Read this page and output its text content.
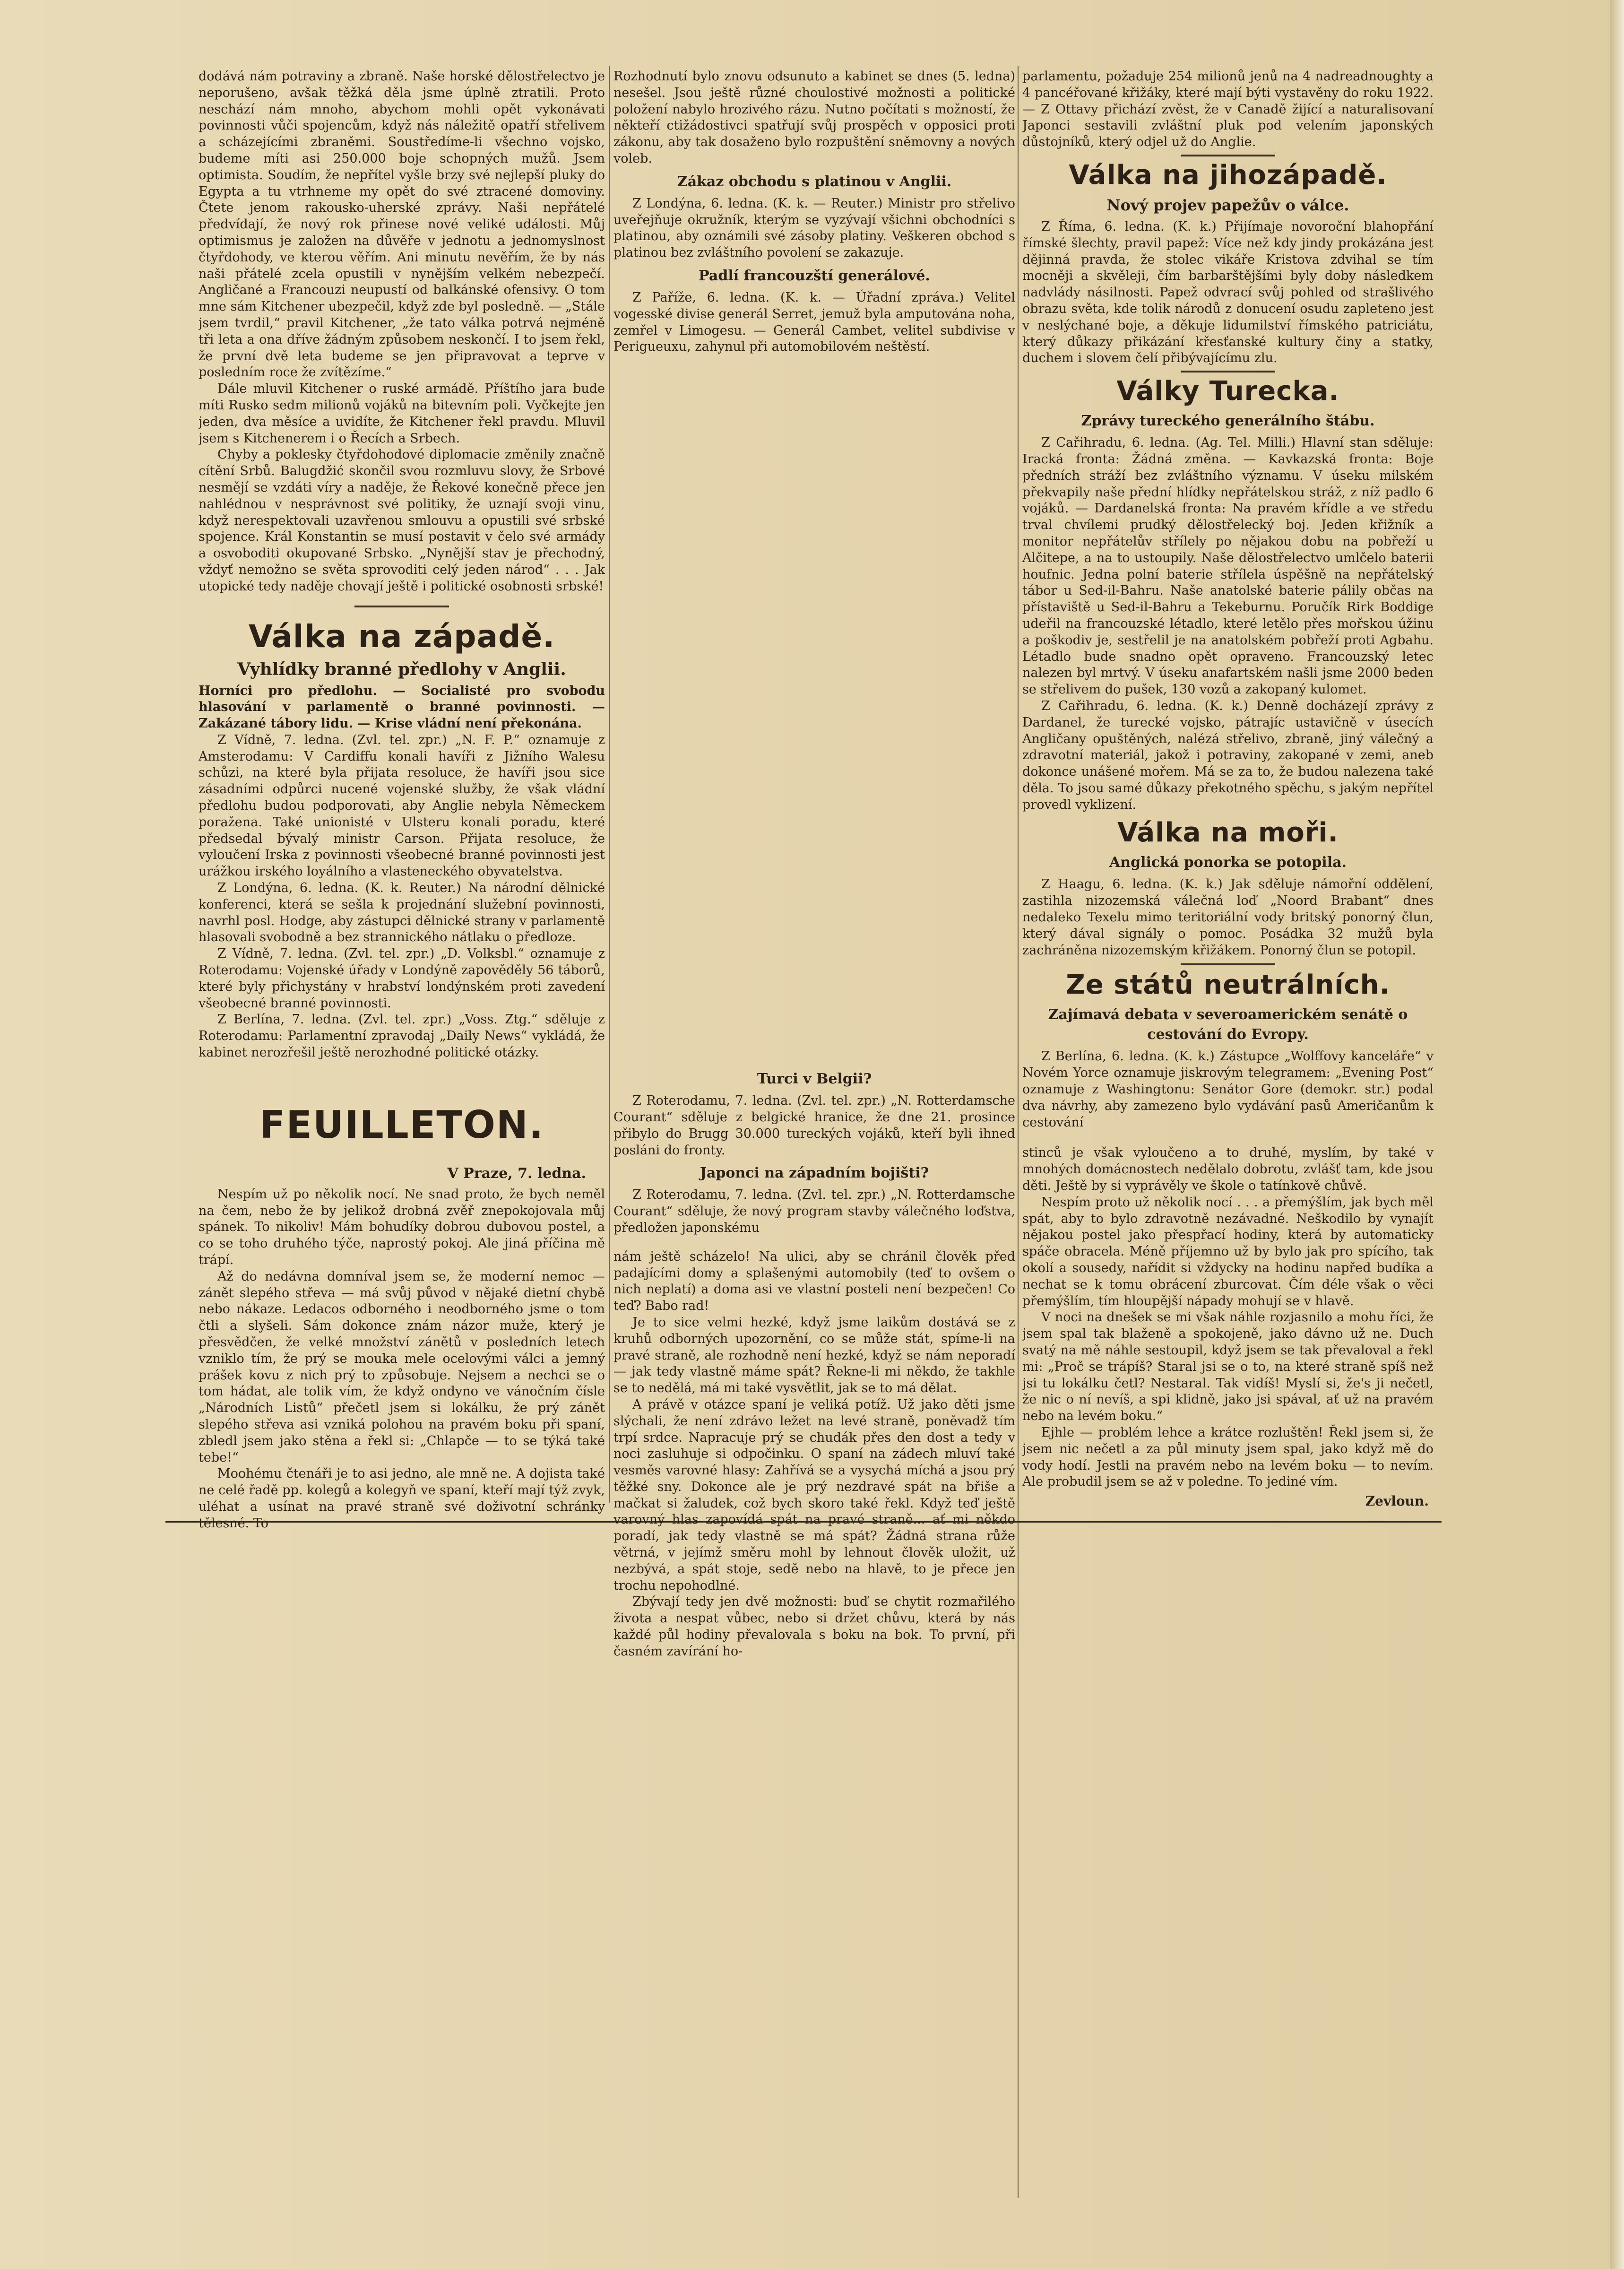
dodává nám potraviny a zbraně. Naše horské dělostřelectvo je neporušeno, avšak těžká děla jsme úplně ztratili. Proto neschází nám mnoho, abychom mohli opět vykonávati povinnosti vůči spojencům, když nás náležitě opatří střelivem a scházejícími zbraněmi. Soustředíme-li všechno vojsko, budeme míti asi 250.000 boje schopných mužů. Jsem optimista. Soudím, že nepřítel vyšle brzy své nejlepší pluky do Egypta a tu vtrhneme my opět do své ztracené domoviny. Čtete jenom rakousko-uherské zprávy. Naši nepřátelé předvídají, že nový rok přinese nové veliké události. Můj optimismus je založen na důvěře v jednotu a jednomyslnost čtyřdohody, ve kterou věřím. Ani minutu nevěřím, že by nás naši přátelé zcela opustili v nynějším velkém nebezpečí. Angličané a Francouzi neupustí od balkánské ofensivy. O tom mne sám Kitchener ubezpečil, když zde byl posledně. — „Stále jsem tvrdil,“ pravil Kitchener, „že tato válka potrvá nejméně tři leta a ona dříve žádným způsobem neskončí. I to jsem řekl, že první dvě leta budeme se jen připravovat a teprve v posledním roce že zvítězíme.“

Dále mluvil Kitchener o ruské armádě. Příštího jara bude míti Rusko sedm milionů vojáků na bitevním poli. Vyčkejte jen jeden, dva měsíce a uvidíte, že Kitchener řekl pravdu. Mluvil jsem s Kitchenerem i o Řecích a Srbech.

Chyby a poklesky čtyřdohodové diplomacie změnily značně cítění Srbů. Balugdžić skončil svou rozmluvu slovy, že Srbové nesmějí se vzdáti víry a naděje, že Řekové konečně přece jen nahlédnou v nesprávnost své politiky, že uznají svoji vinu, když nerespektovali uzavřenou smlouvu a opustili své srbské spojence. Král Konstantin se musí postavit v čelo své armády a osvoboditi okupované Srbsko. „Nynější stav je přechodný, vždyť nemožno se světa sprovoditi celý jeden národ“ . . . Jak utopické tedy naděje chovají ještě i politické osobnosti srbské!

Válka na západě.
Vyhlídky branné předlohy v Anglii.

Horníci pro předlohu. — Socialisté pro svobodu hlasování v parlamentě o branné povinnosti. — Zakázané tábory lidu. — Krise vládní není překonána.

Z Vídně, 7. ledna. (Zvl. tel. zpr.) „N. F. P.“ oznamuje z Amsterodamu: V Cardiffu konali havíři z Jižního Walesu schůzi, na které byla přijata resoluce, že havíři jsou sice zásadními odpůrci nucené vojenské služby, že však vládní předlohu budou podporovati, aby Anglie nebyla Německem poražena. Také unionisté v Ulsteru konali poradu, které předsedal bývalý ministr Carson. Přijata resoluce, že vyloučení Irska z povinnosti všeobecné branné povinnosti jest urážkou irského loyálního a vlasteneckého obyvatelstva.

Z Londýna, 6. ledna. (K. k. Reuter.) Na národní dělnické konferenci, která se sešla k projednání služební povinnosti, navrhl posl. Hodge, aby zástupci dělnické strany v parlamentě hlasovali svobodně a bez strannického nátlaku o předloze.

Z Vídně, 7. ledna. (Zvl. tel. zpr.) „D. Volksbl.“ oznamuje z Roterodamu: Vojenské úřady v Londýně zapověděly 56 táborů, které byly přichystány v hrabství londýnském proti zavedení všeobecné branné povinnosti.

Z Berlína, 7. ledna. (Zvl. tel. zpr.) „Voss. Ztg.“ sděluje z Roterodamu: Parlamentní zpravodaj „Daily News“ vykládá, že kabinet nerozřešil ještě nerozhodné politické otázky.

FEUILLETON.
V Praze, 7. ledna.

Nespím už po několik nocí. Ne snad proto, že bych neměl na čem, nebo že by jelikož drobná zvěř znepokojovala můj spánek. To nikoliv! Mám bohudíky dobrou dubovou postel, a co se toho druhého týče, naprostý pokoj. Ale jiná příčina mě trápí.

Až do nedávna domníval jsem se, že moderní nemoc — zánět slepého střeva — má svůj původ v nějaké dietní chybě nebo nákaze. Ledacos odborného i neodborného jsme o tom čtli a slyšeli. Sám dokonce znám názor muže, který je přesvědčen, že velké množství zánětů v posledních letech vzniklo tím, že prý se mouka mele ocelovými válci a jemný prášek kovu z nich prý to způsobuje. Nejsem a nechci se o tom hádat, ale tolik vím, že když ondyno ve vánočním čísle „Národních Listů“ přečetl jsem si lokálku, že prý zánět slepého střeva asi vzniká polohou na pravém boku při spaní, zbledl jsem jako stěna a řekl si: „Chlapče — to se týká také tebe!“

Moohému čtenáři je to asi jedno, ale mně ne. A dojista také ne celé řadě pp. kolegů a kolegyň ve spaní, kteří mají týž zvyk, uléhat a usínat na pravé straně své doživotní schránky tělesné. To

Rozhodnutí bylo znovu odsunuto a kabinet se dnes (5. ledna) nesešel. Jsou ještě různé choulostivé možnosti a politické položení nabylo hrozivého rázu. Nutno počítati s možností, že někteří ctižádostivci spatřují svůj prospěch v opposici proti zákonu, aby tak dosaženo bylo rozpuštění sněmovny a nových voleb.

Zákaz obchodu s platinou v Anglii.

Z Londýna, 6. ledna. (K. k. — Reuter.) Ministr pro střelivo uveřejňuje okružník, kterým se vyzývají všichni obchodníci s platinou, aby oznámili své zásoby platiny. Veškeren obchod s platinou bez zvláštního povolení se zakazuje.

Padlí francouzští generálové.

Z Paříže, 6. ledna. (K. k. — Úřadní zpráva.) Velitel vogesské divise generál Serret, jemuž byla amputována noha, zemřel v Limogesu. — Generál Cambet, velitel subdivise v Perigueuxu, zahynul při automobilovém neštěstí.

Turci v Belgii?

Z Roterodamu, 7. ledna. (Zvl. tel. zpr.) „N. Rotterdamsche Courant“ sděluje z belgické hranice, že dne 21. prosince přibylo do Brugg 30.000 tureckých vojáků, kteří byli ihned posláni do fronty.

Japonci na západním bojišti?

Z Roterodamu, 7. ledna. (Zvl. tel. zpr.) „N. Rotterdamsche Courant“ sděluje, že nový program stavby válečného loďstva, předložen japonskému

nám ještě scházelo! Na ulici, aby se chránil člověk před padajícími domy a splašenými automobily (teď to ovšem o nich neplatí) a doma asi ve vlastní posteli není bezpečen! Co teď? Babo rad!

Je to sice velmi hezké, když jsme laikům dostává se z kruhů odborných upozornění, co se může stát, spíme-li na pravé straně, ale rozhodně není hezké, když se nám neporadí — jak tedy vlastně máme spát? Řekne-li mi někdo, že takhle se to nedělá, má mi také vysvětlit, jak se to má dělat.

A právě v otázce spaní je veliká potíž. Už jako děti jsme slýchali, že není zdrávo ležet na levé straně, poněvadž tím trpí srdce. Napracuje prý se chudák přes den dost a tedy v noci zasluhuje si odpočinku. O spaní na zádech mluví také vesměs varovné hlasy: Zahřívá se a vysychá míchá a jsou prý těžké sny. Dokonce ale je prý nezdravé spát na břiše a mačkat si žaludek, což bych skoro také řekl. Když teď ještě varovný hlas zapovídá spát na pravé straně... ať mi někdo poradí, jak tedy vlastně se má spát? Žádná strana růže větrná, v jejímž směru mohl by lehnout člověk uložit, už nezbývá, a spát stoje, sedě nebo na hlavě, to je přece jen trochu nepohodlné.

Zbývají tedy jen dvě možnosti: buď se chytit rozmařilého života a nespat vůbec, nebo si držet chůvu, která by nás každé půl hodiny převalovala s boku na bok. To první, při časném zavírání ho-

parlamentu, požaduje 254 milionů jenů na 4 nadreadnoughty a 4 pancéřované křižáky, které mají býti vystavěny do roku 1922. — Z Ottavy přichází zvěst, že v Canadě žijící a naturalisovaní Japonci sestavili zvláštní pluk pod velením japonských důstojníků, který odjel už do Anglie.

Válka na jihozápadě.
Nový projev papežův o válce.

Z Říma, 6. ledna. (K. k.) Přijímaje novoroční blahopřání římské šlechty, pravil papež: Více než kdy jindy prokázána jest dějinná pravda, že stolec vikáře Kristova zdvihal se tím mocněji a skvěleji, čím barbarštějšími byly doby následkem nadvlády násilnosti. Papež odvrací svůj pohled od strašlivého obrazu světa, kde tolik národů z donucení osudu zapleteno jest v neslýchané boje, a děkuje lidumilství římského patriciátu, který důkazy přikázání křesťanské kultury činy a statky, duchem i slovem čelí přibývajícímu zlu.

Války Turecka.
Zprávy tureckého generálního štábu.

Z Cařihradu, 6. ledna. (Ag. Tel. Milli.) Hlavní stan sděluje: Iracká fronta: Žádná změna. — Kavkazská fronta: Boje předních stráží bez zvláštního významu. V úseku milském překvapily naše přední hlídky nepřátelskou stráž, z níž padlo 6 vojáků. — Dardanelská fronta: Na pravém křídle a ve středu trval chvílemi prudký dělostřelecký boj. Jeden křižník a monitor nepřátelův střílely po nějakou dobu na pobřeží u Alčitepe, a na to ustoupily. Naše dělostřelectvo umlčelo baterii houfnic. Jedna polní baterie střílela úspěšně na nepřátelský tábor u Sed-il-Bahru. Naše anatolské baterie pálily občas na přístaviště u Sed-il-Bahru a Tekeburnu. Poručík Rirk Boddige udeřil na francouzské létadlo, které letělo přes mořskou úžinu a poškodiv je, sestřelil je na anatolském pobřeží proti Agbahu. Létadlo bude snadno opět opraveno. Francouzský letec nalezen byl mrtvý. V úseku anafartském našli jsme 2000 beden se střelivem do pušek, 130 vozů a zakopaný kulomet.

Z Cařihradu, 6. ledna. (K. k.) Denně docházejí zprávy z Dardanel, že turecké vojsko, pátrajíc ustavičně v úsecích Angličany opuštěných, nalézá střelivo, zbraně, jiný válečný a zdravotní materiál, jakož i potraviny, zakopané v zemi, aneb dokonce unášené mořem. Má se za to, že budou nalezena také děla. To jsou samé důkazy překotného spěchu, s jakým nepřítel provedl vyklizení.

Válka na moři.
Anglická ponorka se potopila.

Z Haagu, 6. ledna. (K. k.) Jak sděluje námořní oddělení, zastihla nizozemská válečná loď „Noord Brabant“ dnes nedaleko Texelu mimo teritoriální vody britský ponorný člun, který dával signály o pomoc. Posádka 32 mužů byla zachráněna nizozemským křižákem. Ponorný člun se potopil.

Ze států neutrálních.
Zajímavá debata v severoamerickém senátě o cestování do Evropy.

Z Berlína, 6. ledna. (K. k.) Zástupce „Wolffovy kanceláře“ v Novém Yorce oznamuje jiskrovým telegramem: „Evening Post“ oznamuje z Washingtonu: Senátor Gore (demokr. str.) podal dva návrhy, aby zamezeno bylo vydávání pasů Američanům k cestování

stinců je však vyloučeno a to druhé, myslím, by také v mnohých domácnostech nedělalo dobrotu, zvlášť tam, kde jsou děti. Ještě by si vyprávěly ve škole o tatínkově chůvě.

Nespím proto už několik nocí . . . a přemýšlím, jak bych měl spát, aby to bylo zdravotně nezávadné. Neškodilo by vynajít nějakou postel jako přespřací hodiny, která by automaticky spáče obracela. Méně příjemno už by bylo jak pro spícího, tak okolí a sousedy, nařídit si vždycky na hodinu napřed budíka a nechat se k tomu obrácení zburcovat. Čím déle však o věci přemýšlím, tím hloupější nápady mohují se v hlavě.

V noci na dnešek se mi však náhle rozjasnilo a mohu říci, že jsem spal tak blaženě a spokojeně, jako dávno už ne. Duch svatý na mě náhle sestoupil, když jsem se tak převaloval a řekl mi: „Proč se trápíš? Staral jsi se o to, na které straně spíš než jsi tu lokálku četl? Nestaral. Tak vidíš! Myslí si, že's ji nečetl, že nic o ní nevíš, a spi klidně, jako jsi spával, ať už na pravém nebo na levém boku.“

Ejhle — problém lehce a krátce rozluštěn! Řekl jsem si, že jsem nic nečetl a za půl minuty jsem spal, jako když mě do vody hodí. Jestli na pravém nebo na levém boku — to nevím. Ale probudil jsem se až v poledne. To jediné vím.

Zevloun.
